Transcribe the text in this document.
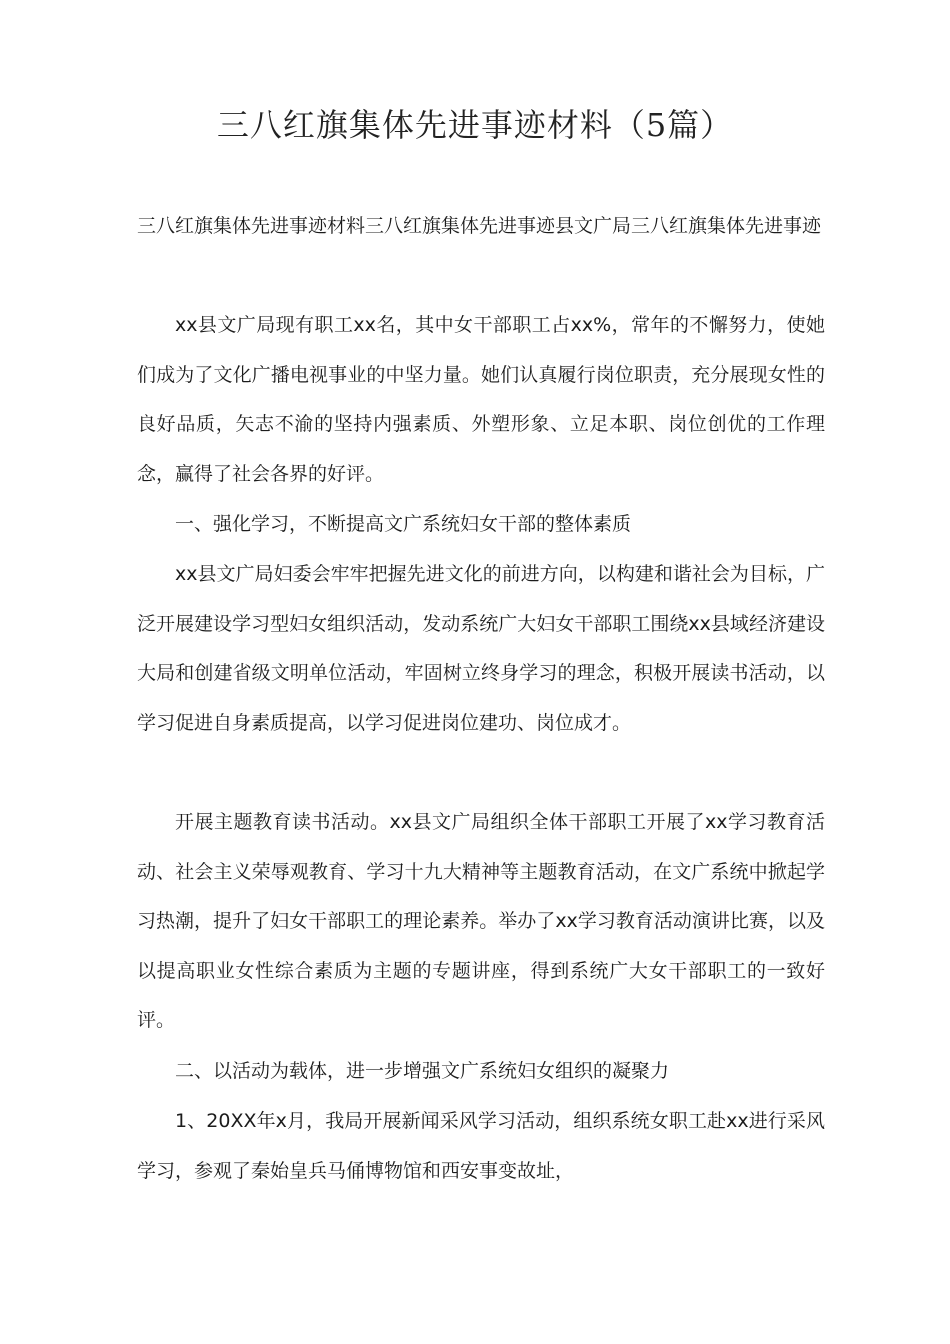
三八红旗集体先进事迹材料（5篇）

三八红旗集体先进事迹材料三八红旗集体先进事迹县文广局三八红旗集体先进事迹

xx县文广局现有职工xx名，其中女干部职工占xx%，常年的不懈努力，使她们成为了文化广播电视事业的中坚力量。她们认真履行岗位职责，充分展现女性的良好品质，矢志不渝的坚持内强素质、外塑形象、立足本职、岗位创优的工作理念，赢得了社会各界的好评。

一、强化学习，不断提高文广系统妇女干部的整体素质

xx县文广局妇委会牢牢把握先进文化的前进方向，以构建和谐社会为目标，广泛开展建设学习型妇女组织活动，发动系统广大妇女干部职工围绕xx县域经济建设大局和创建省级文明单位活动，牢固树立终身学习的理念，积极开展读书活动，以学习促进自身素质提高，以学习促进岗位建功、岗位成才。

开展主题教育读书活动。xx县文广局组织全体干部职工开展了xx学习教育活动、社会主义荣辱观教育、学习十九大精神等主题教育活动，在文广系统中掀起学习热潮，提升了妇女干部职工的理论素养。举办了xx学习教育活动演讲比赛，以及以提高职业女性综合素质为主题的专题讲座，得到系统广大女干部职工的一致好评。

二、以活动为载体，进一步增强文广系统妇女组织的凝聚力

1、20XX年x月，我局开展新闻采风学习活动，组织系统女职工赴xx进行采风学习，参观了秦始皇兵马俑博物馆和西安事变故址，
